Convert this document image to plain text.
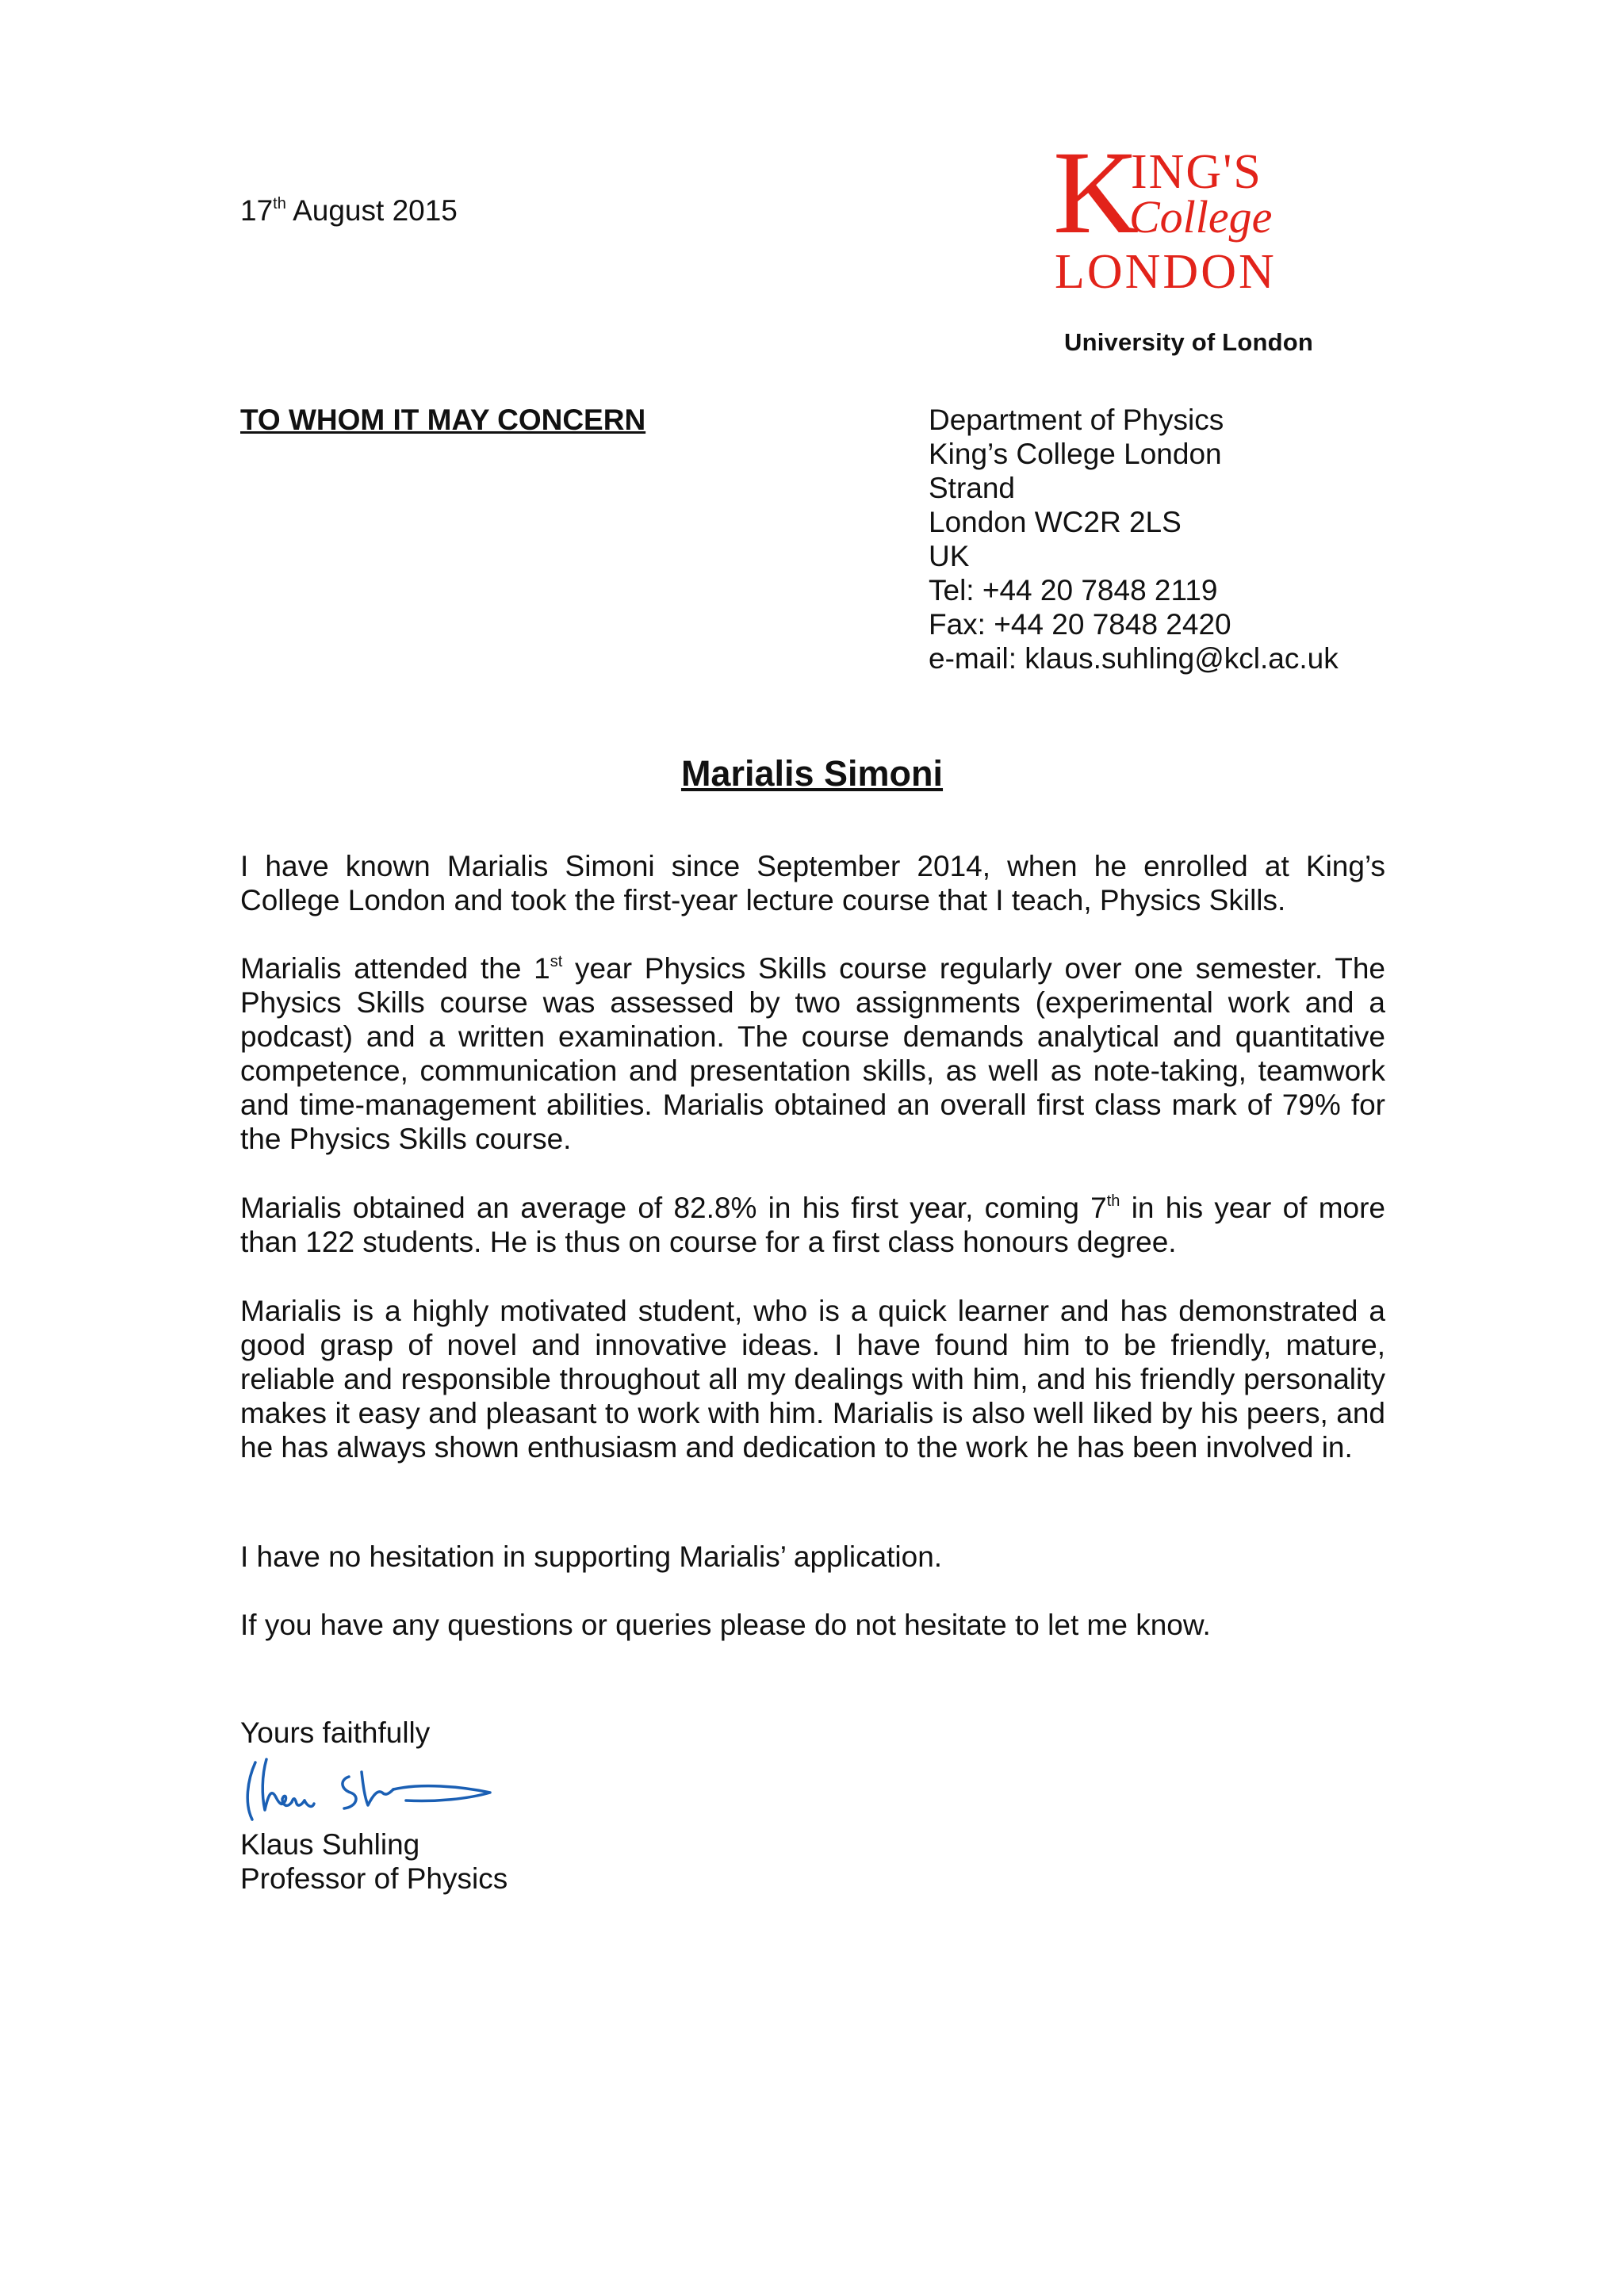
17th August 2015	K
ING'S
College
LONDON
University of London
TO WHOM IT MAY CONCERN	Department of Physics
King’s College London
Strand
London WC2R 2LS
UK
Tel: +44 20 7848 2119
Fax: +44 20 7848 2420
e-mail: klaus.suhling@kcl.ac.uk
Marialis Simoni
I have known Marialis Simoni since September 2014, when he enrolled at King’s College London and took the first-year lecture course that I teach, Physics Skills.
Marialis attended the 1st year Physics Skills course regularly over one semester. The Physics Skills course was assessed by two assignments (experimental work and a podcast) and a written examination. The course demands analytical and quantitative competence, communication and presentation skills, as well as note-taking, teamwork and time-management abilities. Marialis obtained an overall first class mark of 79% for the Physics Skills course.
Marialis obtained an average of 82.8% in his first year, coming 7th in his year of more than 122 students. He is thus on course for a first class honours degree.
Marialis is a highly motivated student, who is a quick learner and has demonstrated a good grasp of novel and innovative ideas. I have found him to be friendly, mature, reliable and responsible throughout all my dealings with him, and his friendly personality makes it easy and pleasant to work with him. Marialis is also well liked by his peers, and he has always shown enthusiasm and dedication to the work he has been involved in.
I have no hesitation in supporting Marialis’ application.
If you have any questions or queries please do not hesitate to let me know.
Yours faithfully
Klaus Suhling
Professor of Physics
